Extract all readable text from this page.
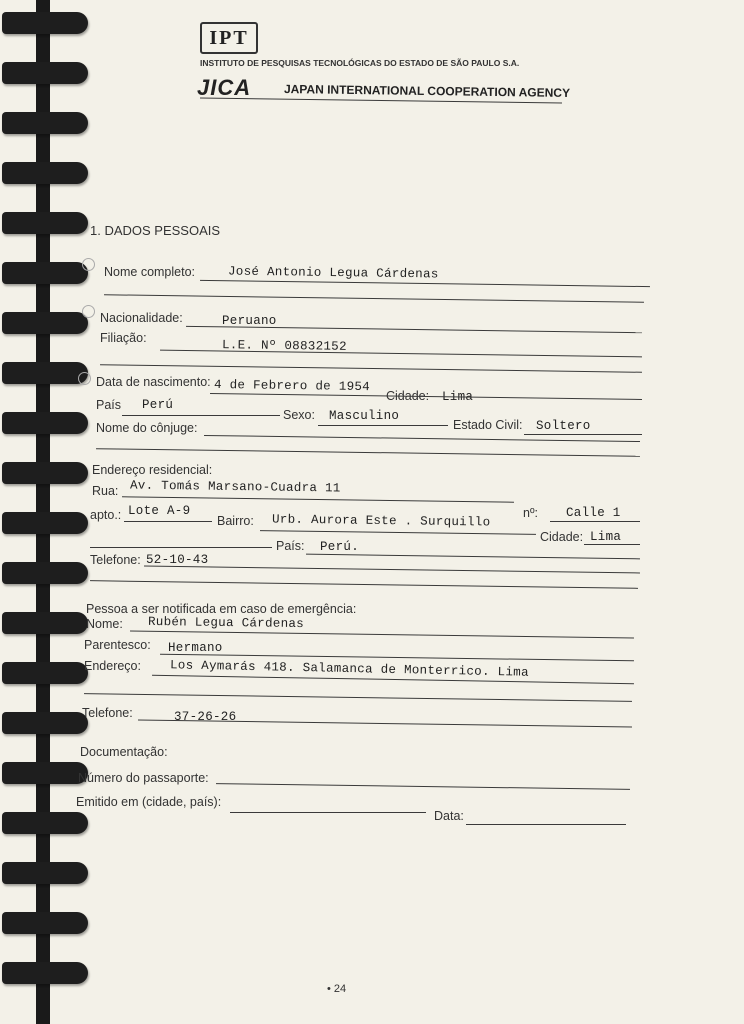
IPT
INSTITUTO DE PESQUISAS TECNOLÓGICAS DO ESTADO DE SÃO PAULO S.A.
JICA	JAPAN INTERNATIONAL COOPERATION AGENCY
1. DADOS PESSOAIS
Nome completo:	José Antonio Legua Cárdenas
Nacionalidade:	Peruano
Filiação:
L.E. Nº 08832152
Data de nascimento: 4 de Febrero de 1954
Cidade: Lima
País Perú
Sexo: Masculino
Estado Civil: Soltero
Nome do cônjuge:
Endereço residencial:
Rua: Av. Tomás Marsano-Cuadra 11
nº: Calle 1
apto.: Lote A-9
Bairro: Urb. Aurora Este . Surquillo
Cidade: Lima
País: Perú.
Telefone: 52-10-43
Pessoa a ser notificada em caso de emergência:
Nome: Rubén Legua Cárdenas
Parentesco: Hermano
Endereço: Los Aymarás 418. Salamanca de Monterrico. Lima
Telefone:	37-26-26
Documentação:
Número do passaporte:
Emitido em (cidade, país):
Data:
• 24
